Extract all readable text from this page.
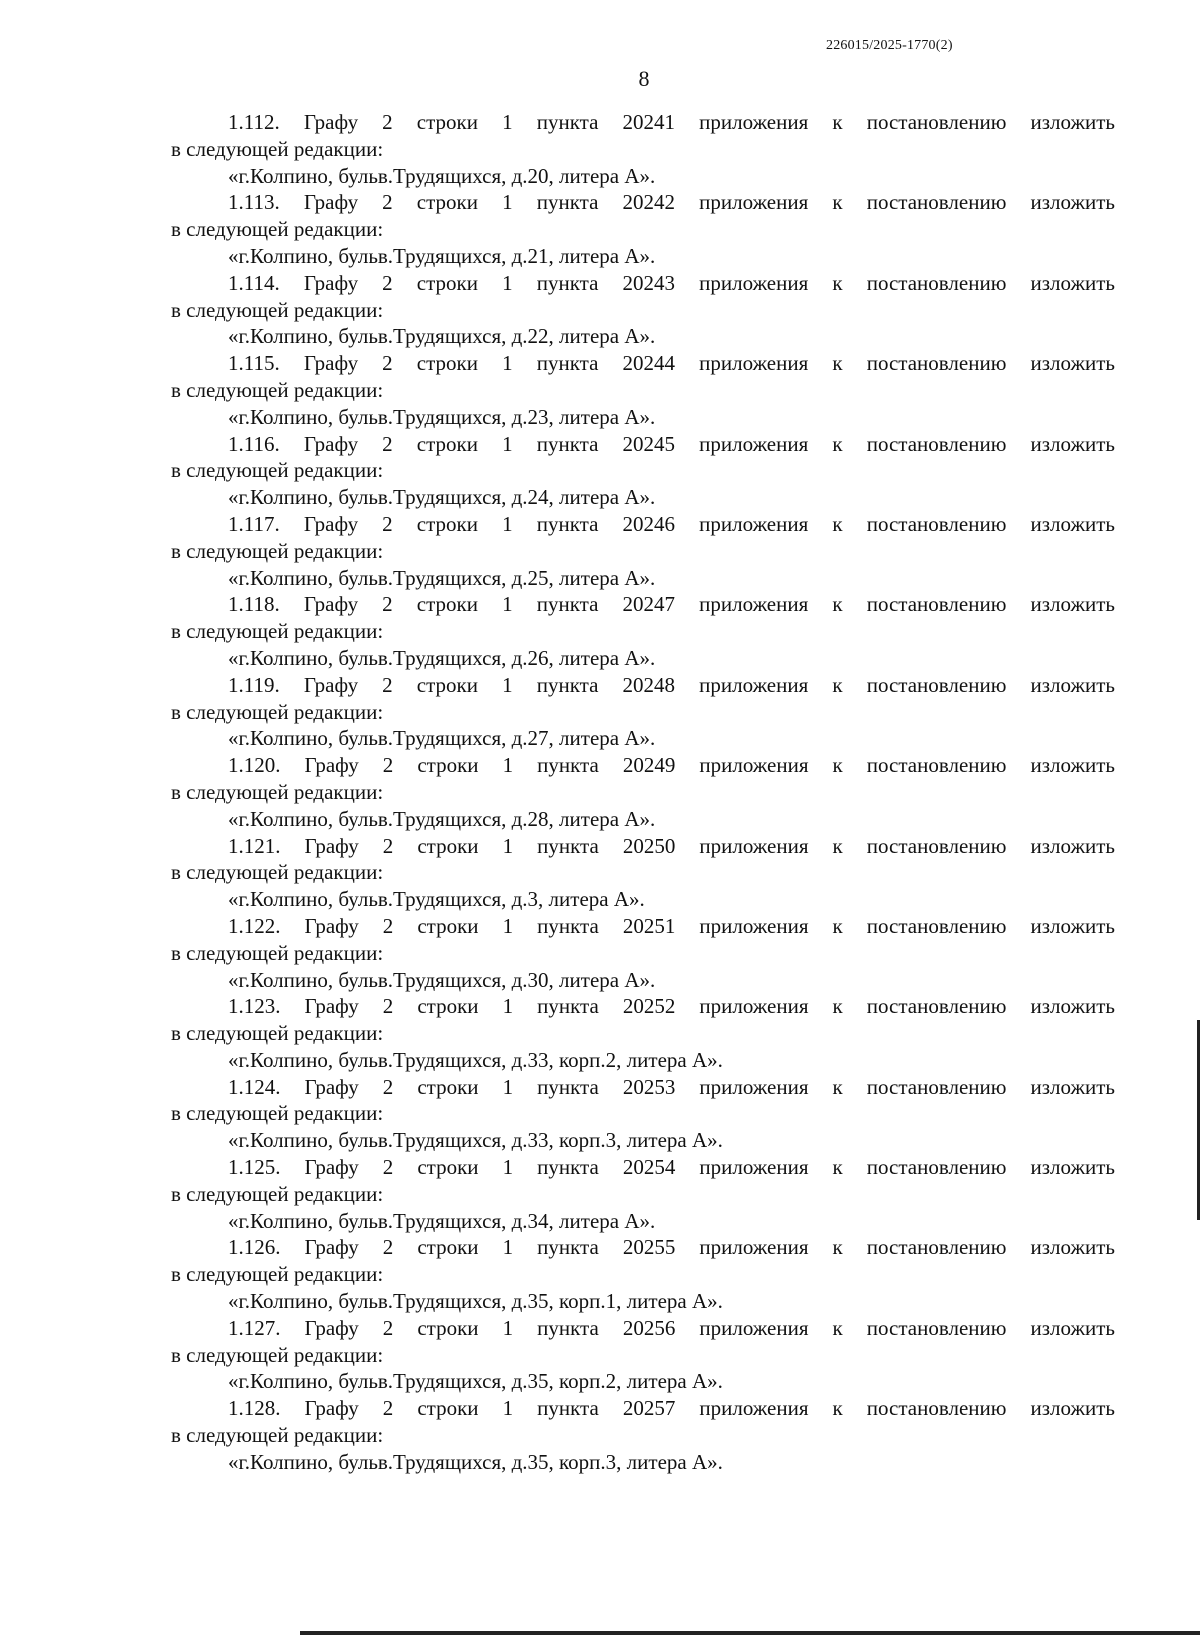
226015/2025-1770(2)
8
1.112. Графу 2 строки 1 пункта 20241 приложения к постановлению изложить
в следующей редакции:
«г.Колпино, бульв.Трудящихся, д.20, литера А».
1.113. Графу 2 строки 1 пункта 20242 приложения к постановлению изложить
в следующей редакции:
«г.Колпино, бульв.Трудящихся, д.21, литера А».
1.114. Графу 2 строки 1 пункта 20243 приложения к постановлению изложить
в следующей редакции:
«г.Колпино, бульв.Трудящихся, д.22, литера А».
1.115. Графу 2 строки 1 пункта 20244 приложения к постановлению изложить
в следующей редакции:
«г.Колпино, бульв.Трудящихся, д.23, литера А».
1.116. Графу 2 строки 1 пункта 20245 приложения к постановлению изложить
в следующей редакции:
«г.Колпино, бульв.Трудящихся, д.24, литера А».
1.117. Графу 2 строки 1 пункта 20246 приложения к постановлению изложить
в следующей редакции:
«г.Колпино, бульв.Трудящихся, д.25, литера А».
1.118. Графу 2 строки 1 пункта 20247 приложения к постановлению изложить
в следующей редакции:
«г.Колпино, бульв.Трудящихся, д.26, литера А».
1.119. Графу 2 строки 1 пункта 20248 приложения к постановлению изложить
в следующей редакции:
«г.Колпино, бульв.Трудящихся, д.27, литера А».
1.120. Графу 2 строки 1 пункта 20249 приложения к постановлению изложить
в следующей редакции:
«г.Колпино, бульв.Трудящихся, д.28, литера А».
1.121. Графу 2 строки 1 пункта 20250 приложения к постановлению изложить
в следующей редакции:
«г.Колпино, бульв.Трудящихся, д.3, литера А».
1.122. Графу 2 строки 1 пункта 20251 приложения к постановлению изложить
в следующей редакции:
«г.Колпино, бульв.Трудящихся, д.30, литера А».
1.123. Графу 2 строки 1 пункта 20252 приложения к постановлению изложить
в следующей редакции:
«г.Колпино, бульв.Трудящихся, д.33, корп.2, литера А».
1.124. Графу 2 строки 1 пункта 20253 приложения к постановлению изложить
в следующей редакции:
«г.Колпино, бульв.Трудящихся, д.33, корп.3, литера А».
1.125. Графу 2 строки 1 пункта 20254 приложения к постановлению изложить
в следующей редакции:
«г.Колпино, бульв.Трудящихся, д.34, литера А».
1.126. Графу 2 строки 1 пункта 20255 приложения к постановлению изложить
в следующей редакции:
«г.Колпино, бульв.Трудящихся, д.35, корп.1, литера А».
1.127. Графу 2 строки 1 пункта 20256 приложения к постановлению изложить
в следующей редакции:
«г.Колпино, бульв.Трудящихся, д.35, корп.2, литера А».
1.128. Графу 2 строки 1 пункта 20257 приложения к постановлению изложить
в следующей редакции:
«г.Колпино, бульв.Трудящихся, д.35, корп.3, литера А».
